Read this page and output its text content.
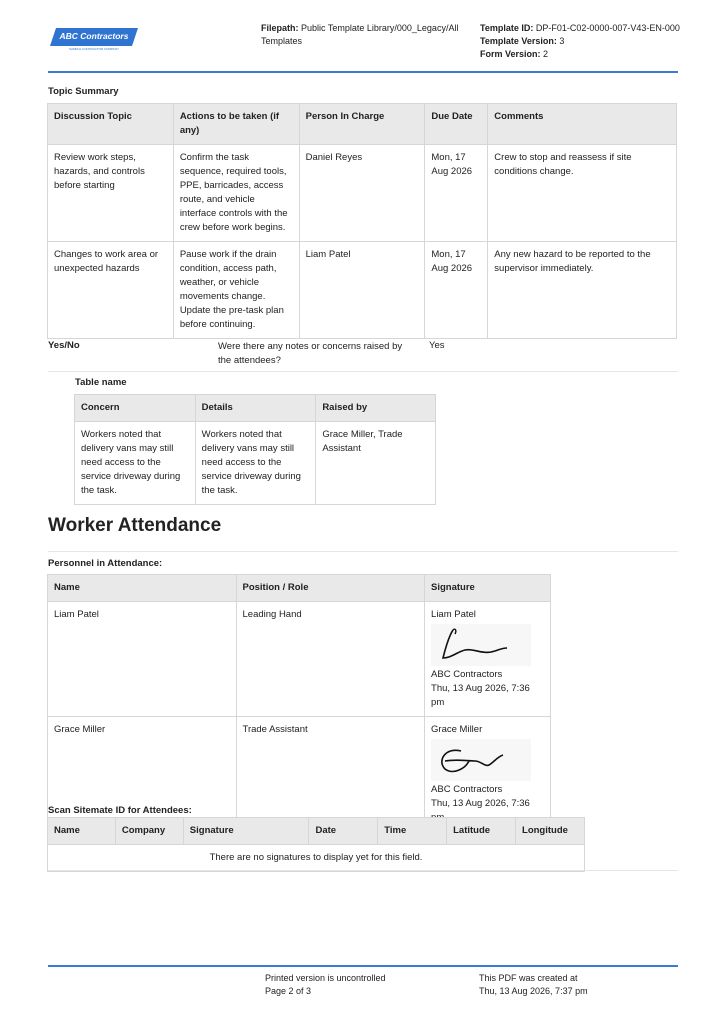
ABC Contractors
SAMPLE CONTRACTOR COMPANY
Filepath: Public Template Library/000_Legacy/All Templates
Template ID: DP-F01-C02-0000-007-V43-EN-000
Template Version: 3
Form Version: 2
Topic Summary
Discussion Topic	Actions to be taken (if any)	Person In Charge	Due Date	Comments
Review work steps, hazards, and controls before starting	Confirm the task sequence, required tools, PPE, barricades, access route, and vehicle interface controls with the crew before work begins.	Daniel Reyes	Mon, 17 Aug 2026	Crew to stop and reassess if site conditions change.
Changes to work area or unexpected hazards	Pause work if the drain condition, access path, weather, or vehicle movements change. Update the pre-task plan before continuing.	Liam Patel	Mon, 17 Aug 2026	Any new hazard to be reported to the supervisor immediately.
Yes/No	Were there any notes or concerns raised by the attendees?
Yes
Table name
Concern	Details	Raised by
Workers noted that delivery vans may still need access to the service driveway during the task.	Workers noted that delivery vans may still need access to the service driveway during the task.	Grace Miller, Trade Assistant
Worker Attendance
Personnel in Attendance:
Name	Position / Role	Signature
Liam Patel	Leading Hand	Liam Patel
ABC Contractors
Thu, 13 Aug 2026, 7:36 pm

Grace Miller	Trade Assistant	Grace Miller
ABC Contractors
Thu, 13 Aug 2026, 7:36
Scan Sitemate ID for Attendees:
Name	Company	Signature	Date	Time	Latitude	Longitude
There are no signatures to display yet for this field.
Printed version is uncontrolled
Page 2 of 3
This PDF was created at
Thu, 13 Aug 2026, 7:37 pm
